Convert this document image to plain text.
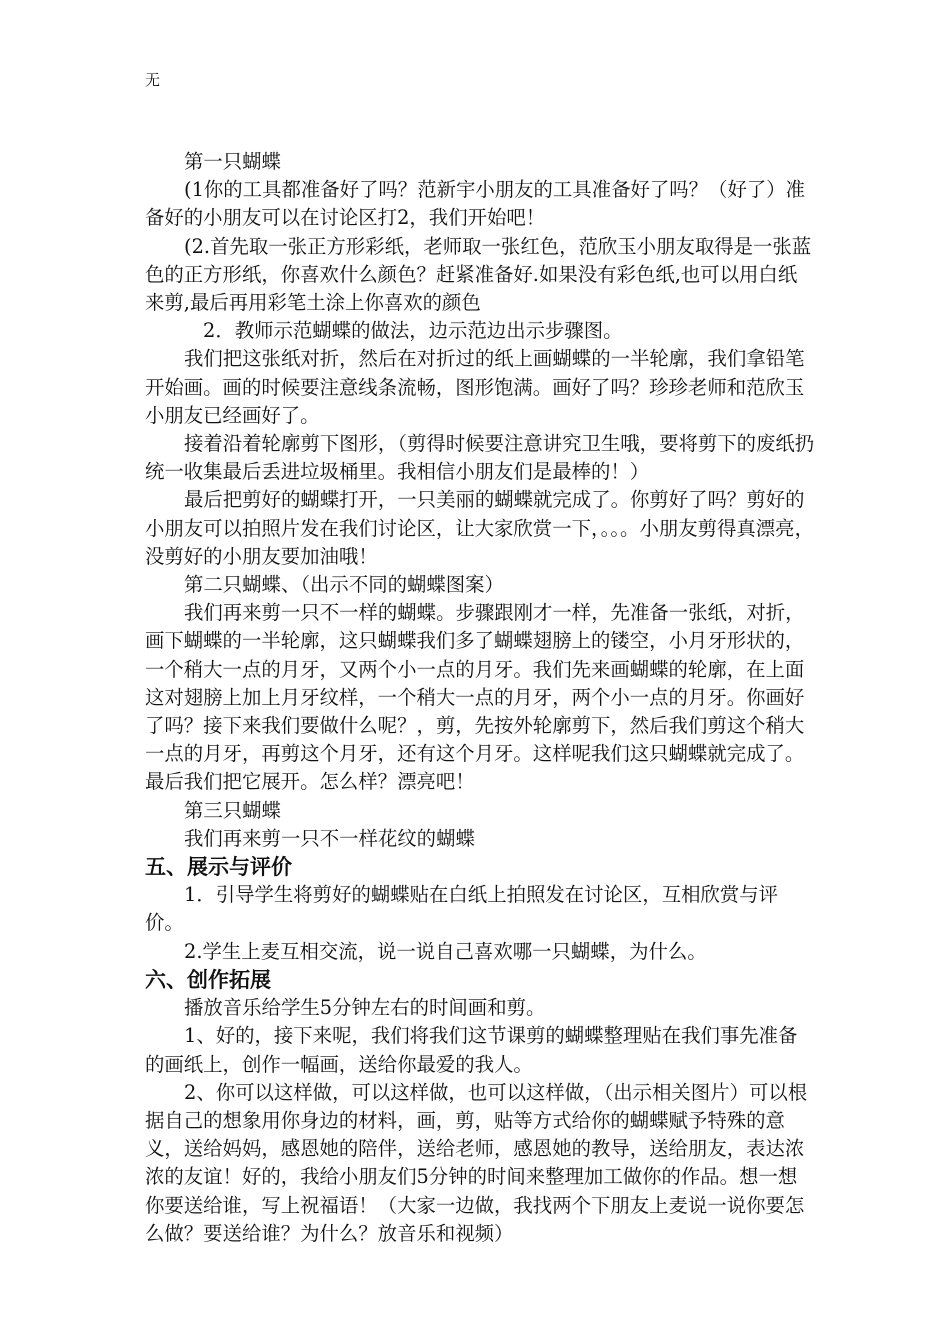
无

第一只蝴蝶

(1你的工具都准备好了吗？范新宇小朋友的工具准备好了吗？（好了）准备好的小朋友可以在讨论区打2，我们开始吧！

(2.首先取一张正方形彩纸，老师取一张红色，范欣玉小朋友取得是一张蓝色的正方形纸，你喜欢什么颜色？赶紧准备好.如果没有彩色纸,也可以用白纸来剪,最后再用彩笔土涂上你喜欢的颜色

2．教师示范蝴蝶的做法，边示范边出示步骤图。

我们把这张纸对折，然后在对折过的纸上画蝴蝶的一半轮廓，我们拿铅笔开始画。画的时候要注意线条流畅，图形饱满。画好了吗？珍珍老师和范欣玉小朋友已经画好了。

接着沿着轮廓剪下图形，（剪得时候要注意讲究卫生哦，要将剪下的废纸扔统一收集最后丢进垃圾桶里。我相信小朋友们是最棒的！）

最后把剪好的蝴蝶打开，一只美丽的蝴蝶就完成了。你剪好了吗？剪好的小朋友可以拍照片发在我们讨论区，让大家欣赏一下，。。。小朋友剪得真漂亮，没剪好的小朋友要加油哦！

第二只蝴蝶、（出示不同的蝴蝶图案）

我们再来剪一只不一样的蝴蝶。步骤跟刚才一样，先准备一张纸，对折，画下蝴蝶的一半轮廓，这只蝴蝶我们多了蝴蝶翅膀上的镂空，小月牙形状的，一个稍大一点的月牙，又两个小一点的月牙。我们先来画蝴蝶的轮廓，在上面这对翅膀上加上月牙纹样，一个稍大一点的月牙，两个小一点的月牙。你画好了吗？接下来我们要做什么呢？，剪，先按外轮廓剪下，然后我们剪这个稍大一点的月牙，再剪这个月牙，还有这个月牙。这样呢我们这只蝴蝶就完成了。最后我们把它展开。怎么样？漂亮吧！

第三只蝴蝶

我们再来剪一只不一样花纹的蝴蝶

五、展示与评价

1．引导学生将剪好的蝴蝶贴在白纸上拍照发在讨论区，互相欣赏与评价。

2.学生上麦互相交流，说一说自己喜欢哪一只蝴蝶，为什么。

六、创作拓展

播放音乐给学生5分钟左右的时间画和剪。

1、好的，接下来呢，我们将我们这节课剪的蝴蝶整理贴在我们事先准备的画纸上，创作一幅画，送给你最爱的我人。

2、你可以这样做，可以这样做，也可以这样做，（出示相关图片）可以根据自己的想象用你身边的材料，画，剪，贴等方式给你的蝴蝶赋予特殊的意义，送给妈妈，感恩她的陪伴，送给老师，感恩她的教导，送给朋友，表达浓浓的友谊！好的，我给小朋友们5分钟的时间来整理加工做你的作品。想一想你要送给谁，写上祝福语！（大家一边做，我找两个下朋友上麦说一说你要怎么做？要送给谁？为什么？放音乐和视频）
